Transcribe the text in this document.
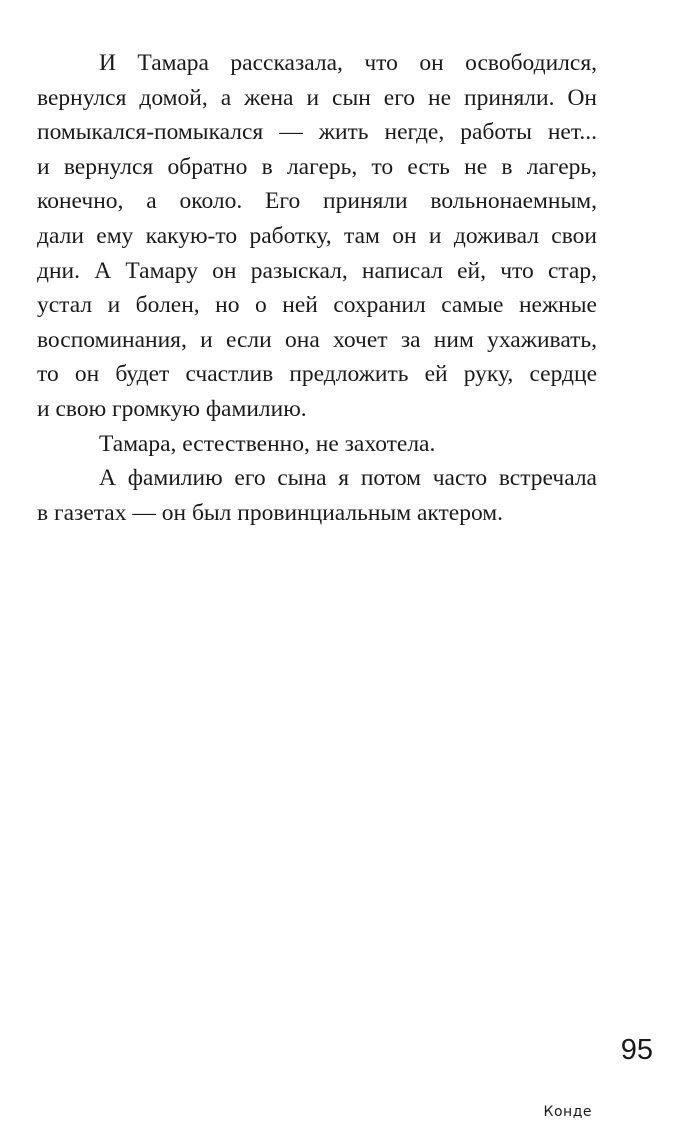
И Тамара рассказала, что он освободился,
вернулся домой, а жена и сын его не приняли. Он
помыкался-помыкался — жить негде, работы нет...
и вернулся обратно в лагерь, то есть не в лагерь,
конечно, а около. Его приняли вольнонаемным,
дали ему какую-то работку, там он и доживал свои
дни. А Тамару он разыскал, написал ей, что стар,
устал и болен, но о ней сохранил самые нежные
воспоминания, и если она хочет за ним ухаживать,
то он будет счастлив предложить ей руку, сердце
и свою громкую фамилию.
Тамара, естественно, не захотела.
А фамилию его сына я потом часто встречала
в газетах — он был провинциальным актером.
95
Конде
